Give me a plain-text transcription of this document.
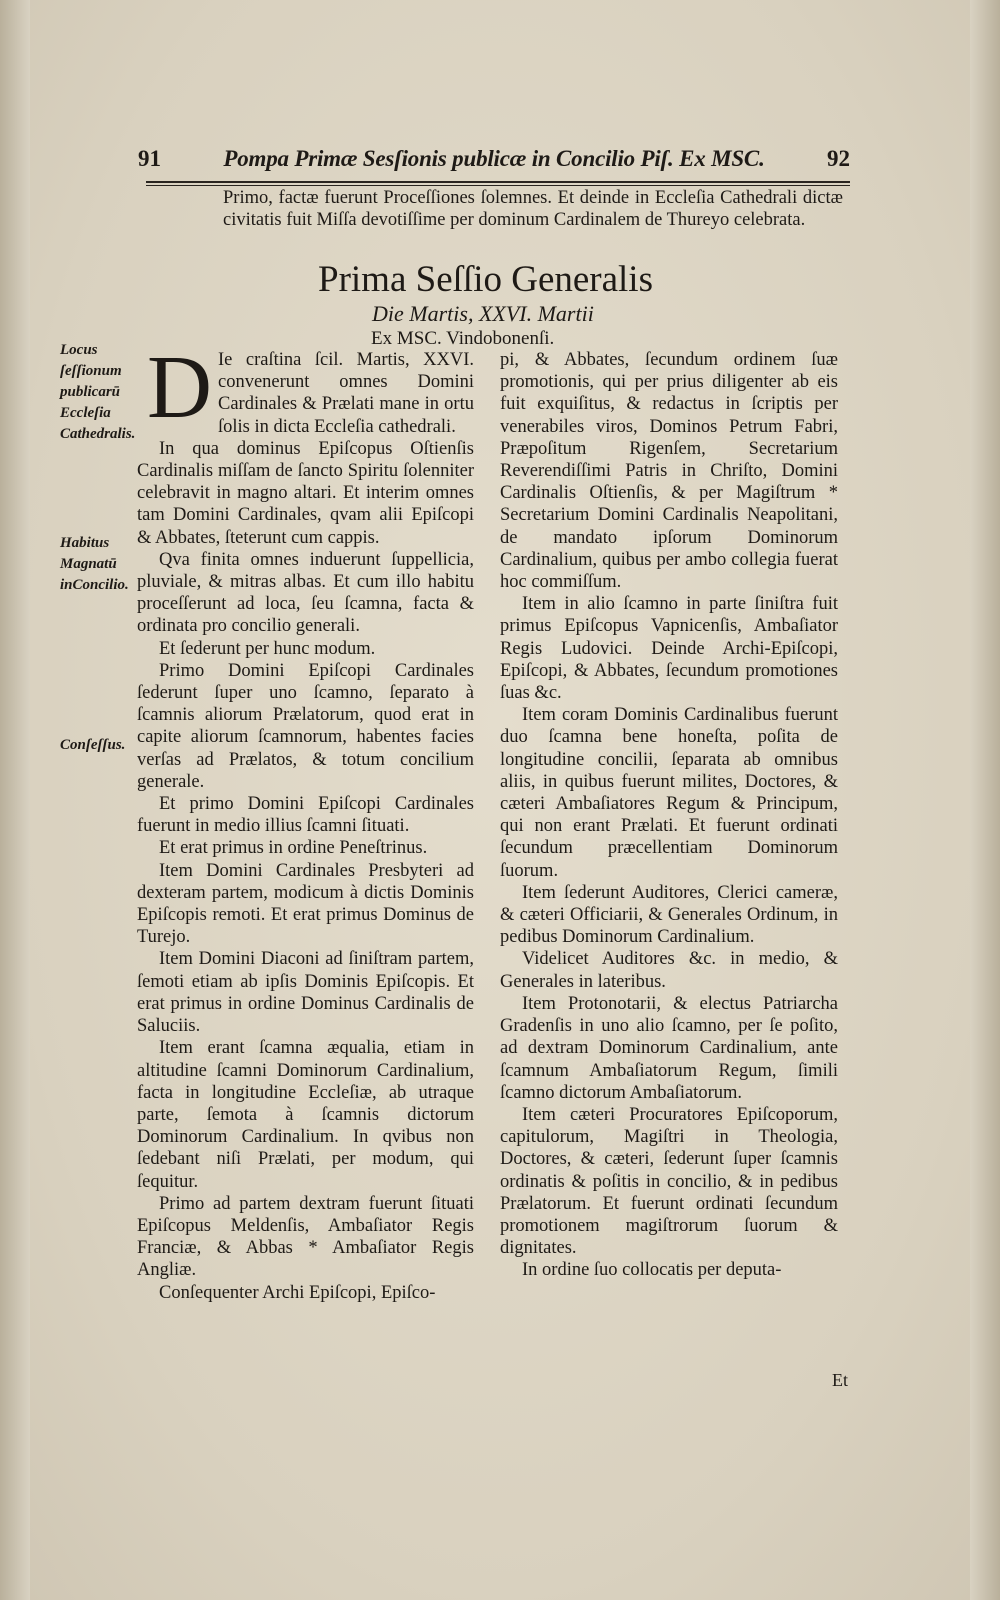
91	Pompa Primæ Sesſionis publicæ in Concilio Piſ. Ex MSC.	92
Primo, factæ fuerunt Proceſſiones ſolemnes. Et deinde in Eccleſia Cathedrali dictæ civitatis fuit Miſſa devotiſſime per dominum Cardinalem de Thureyo celebrata.
Prima Seſſio Generalis
Die Martis, XXVI. Martii
Ex MSC. Vindobonenſi.
Locus ſeſſionum publicarū Eccleſia Cathedralis.
Habitus Magnatū inConcilio.
Conſeſſus.

D Ie craſtina ſcil. Martis, XXVI. convenerunt omnes Domini Cardinales & Prælati mane in ortu ſolis in dicta Eccleſia cathedrali.

In qua dominus Epiſcopus Oſtienſis Cardinalis miſſam de ſancto Spiritu ſolenniter celebravit in magno altari. Et interim omnes tam Domini Cardinales, qvam alii Epiſcopi & Abbates, ſteterunt cum cappis.

Qva finita omnes induerunt ſuppellicia, pluviale, & mitras albas. Et cum illo habitu proceſſerunt ad loca, ſeu ſcamna, facta & ordinata pro concilio generali.

Et ſederunt per hunc modum.

Primo Domini Epiſcopi Cardinales ſederunt ſuper uno ſcamno, ſeparato à ſcamnis aliorum Prælatorum, quod erat in capite aliorum ſcamnorum, habentes facies verſas ad Prælatos, & totum concilium generale.

Et primo Domini Epiſcopi Cardinales fuerunt in medio illius ſcamni ſituati.

Et erat primus in ordine Peneſtrinus.

Item Domini Cardinales Presbyteri ad dexteram partem, modicum à dictis Dominis Epiſcopis remoti. Et erat primus Dominus de Turejo.

Item Domini Diaconi ad ſiniſtram partem, ſemoti etiam ab ipſis Dominis Epiſcopis. Et erat primus in ordine Dominus Cardinalis de Saluciis.

Item erant ſcamna æqualia, etiam in altitudine ſcamni Dominorum Cardinalium, facta in longitudine Eccleſiæ, ab utraque parte, ſemota à ſcamnis dictorum Dominorum Cardinalium. In qvibus non ſedebant niſi Prælati, per modum, qui ſequitur.

Primo ad partem dextram fuerunt ſituati Epiſcopus Meldenſis, Ambaſiator Regis Franciæ, & Abbas * Ambaſiator Regis Angliæ.

Conſequenter Archi Epiſcopi, Epiſco-

pi, & Abbates, ſecundum ordinem ſuæ promotionis, qui per prius diligenter ab eis fuit exquiſitus, & redactus in ſcriptis per venerabiles viros, Dominos Petrum Fabri, Præpoſitum Rigenſem, Secretarium Reverendiſſimi Patris in Chriſto, Domini Cardinalis Oſtienſis, & per Magiſtrum * Secretarium Domini Cardinalis Neapolitani, de mandato ipſorum Dominorum Cardinalium, quibus per ambo collegia fuerat hoc commiſſum.

Item in alio ſcamno in parte ſiniſtra fuit primus Epiſcopus Vapnicenſis, Ambaſiator Regis Ludovici. Deinde Archi-Epiſcopi, Epiſcopi, & Abbates, ſecundum promotiones ſuas &c.

Item coram Dominis Cardinalibus fuerunt duo ſcamna bene honeſta, poſita de longitudine concilii, ſeparata ab omnibus aliis, in quibus fuerunt milites, Doctores, & cæteri Ambaſiatores Regum & Principum, qui non erant Prælati. Et fuerunt ordinati ſecundum præcellentiam Dominorum ſuorum.

Item ſederunt Auditores, Clerici cameræ, & cæteri Officiarii, & Generales Ordinum, in pedibus Dominorum Cardinalium.

Videlicet Auditores &c. in medio, & Generales in lateribus.

Item Protonotarii, & electus Patriarcha Gradenſis in uno alio ſcamno, per ſe poſito, ad dextram Dominorum Cardinalium, ante ſcamnum Ambaſiatorum Regum, ſimili ſcamno dictorum Ambaſiatorum.

Item cæteri Procuratores Epiſcoporum, capitulorum, Magiſtri in Theologia, Doctores, & cæteri, ſederunt ſuper ſcamnis ordinatis & poſitis in concilio, & in pedibus Prælatorum. Et fuerunt ordinati ſecundum promotionem magiſtrorum ſuorum & dignitates.

In ordine ſuo collocatis per deputa-

Et
